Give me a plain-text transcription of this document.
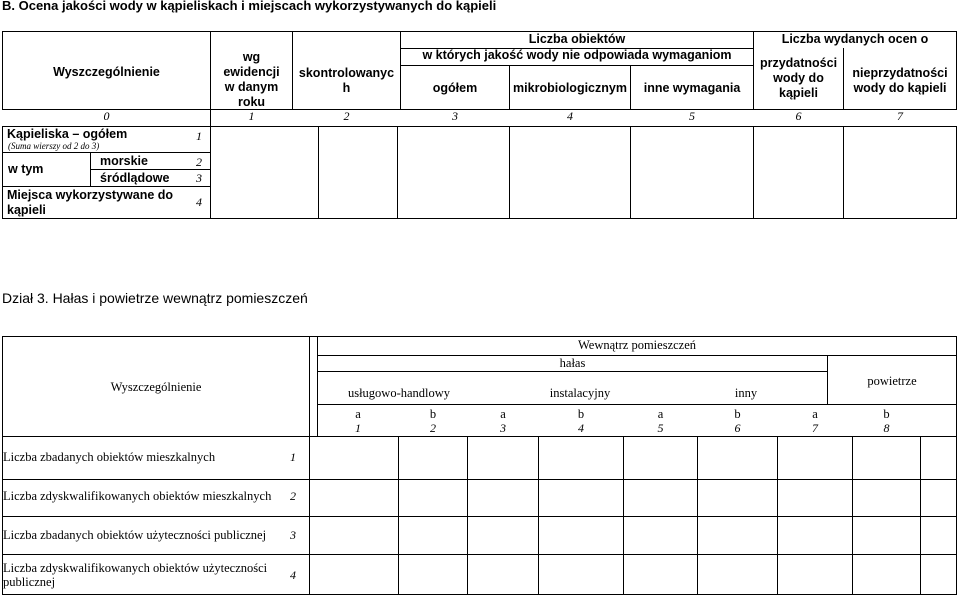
B. Ocena jakości wody w kąpieliskach i miejscach wykorzystywanych do kąpieli
Wyszczególnienie
wg
ewidencji
w danym
roku
skontrolowanyc
h
Liczba obiektów
w których jakość wody nie odpowiada wymaganiom
ogółem	mikrobiologicznym	inne wymagania
Liczba wydanych ocen o
przydatności
wody do
kąpieli
nieprzydatności
wody do kąpieli
0	1	2	3	4	5	6	7
Kąpieliska – ogółem
(Suma wierszy od 2 do 3)
1
w tym
morskie	2
śródlądowe 3
Miejsca wykorzystywane do
kąpieli
4
Dział 3. Hałas i powietrze wewnątrz pomieszczeń
Wyszczególnienie
Wewnątrz pomieszczeń
hałas
usługowo-handlowy	instalacyjny	inny
powietrze
a	b	a	b	a	b	a	b
1	2	3	4	5	6	7	8
Liczba zbadanych obiektów mieszkalnych	1
Liczba zdyskwalifikowanych obiektów mieszkalnych 2
Liczba zbadanych obiektów użyteczności publicznej 3
Liczba zdyskwalifikowanych obiektów użyteczności
publicznej	4
